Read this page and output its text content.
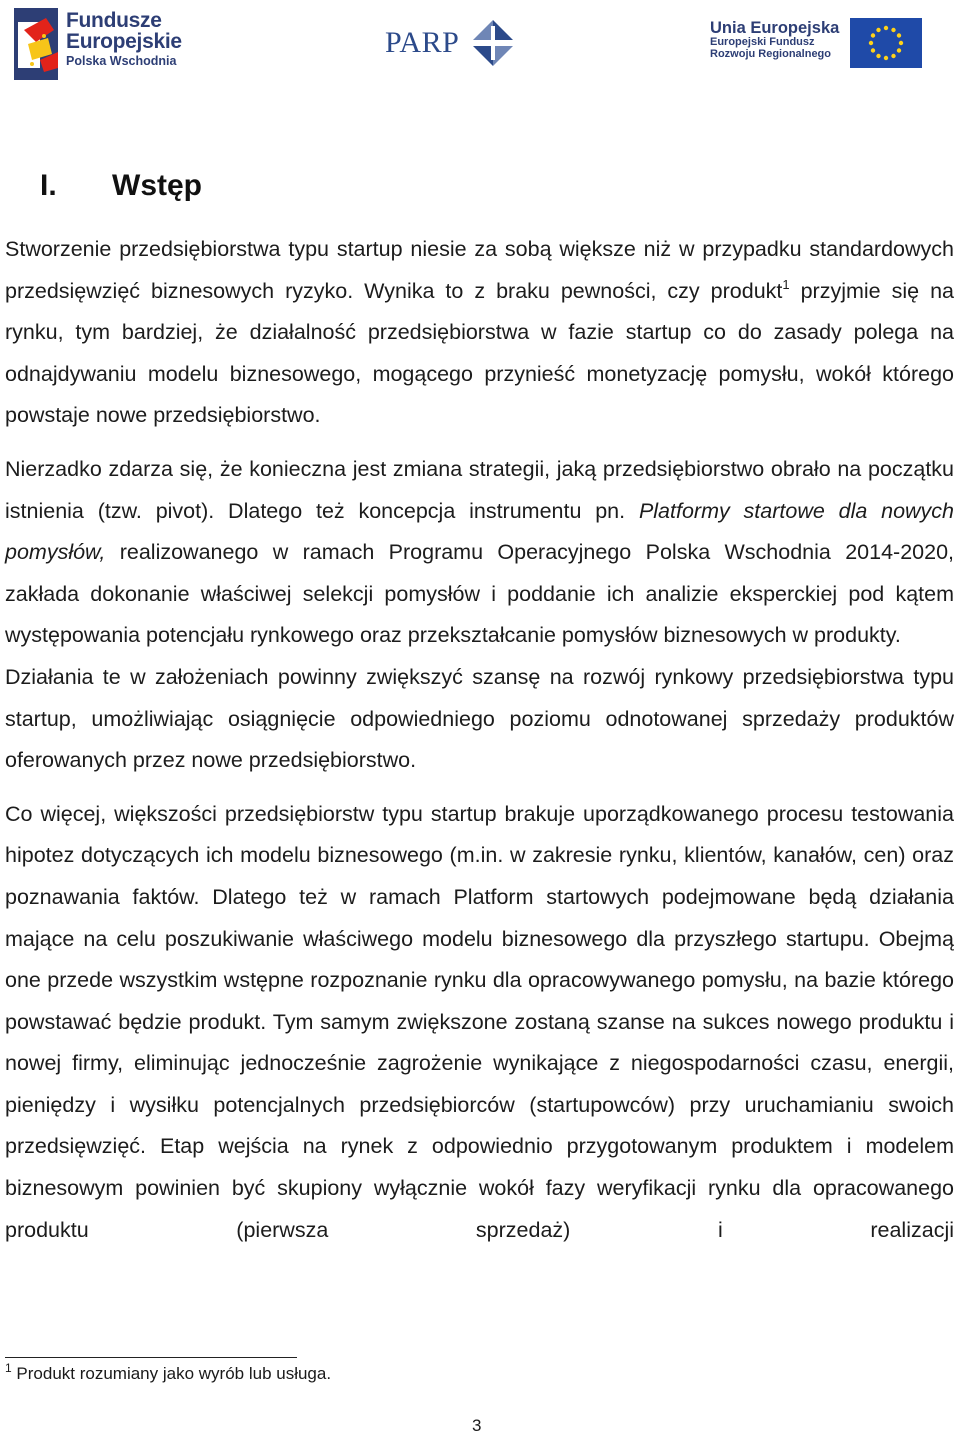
Fundusze
Europejskie
Polska Wschodnia
PARP	Unia Europejska
Europejski Fundusz
Rozwoju Regionalnego
I. Wstęp

Stworzenie przedsiębiorstwa typu startup niesie za sobą większe niż w przypadku standardowych przedsięwzięć biznesowych ryzyko. Wynika to z braku pewności, czy produkt$^1$ przyjmie się na rynku, tym bardziej, że działalność przedsiębiorstwa w fazie startup co do zasady polega na odnajdywaniu modelu biznesowego, mogącego przynieść monetyzację pomysłu, wokół którego powstaje nowe przedsiębiorstwo.

Nierzadko zdarza się, że konieczna jest zmiana strategii, jaką przedsiębiorstwo obrało na początku istnienia (tzw. pivot). Dlatego też koncepcja instrumentu pn. Platformy startowe dla nowych pomysłów, realizowanego w ramach Programu Operacyjnego Polska Wschodnia 2014-2020, zakłada dokonanie właściwej selekcji pomysłów i poddanie ich analizie eksperckiej pod kątem występowania potencjału rynkowego oraz przekształcanie pomysłów biznesowych w produkty.

Działania te w założeniach powinny zwiększyć szansę na rozwój rynkowy przedsiębiorstwa typu startup, umożliwiając osiągnięcie odpowiedniego poziomu odnotowanej sprzedaży produktów oferowanych przez nowe przedsiębiorstwo.

Co więcej, większości przedsiębiorstw typu startup brakuje uporządkowanego procesu testowania hipotez dotyczących ich modelu biznesowego (m.in. w zakresie rynku, klientów, kanałów, cen) oraz poznawania faktów. Dlatego też w ramach Platform startowych podejmowane będą działania mające na celu poszukiwanie właściwego modelu biznesowego dla przyszłego startupu. Obejmą one przede wszystkim wstępne rozpoznanie rynku dla opracowywanego pomysłu, na bazie którego powstawać będzie produkt. Tym samym zwiększone zostaną szanse na sukces nowego produktu i nowej firmy, eliminując jednocześnie zagrożenie wynikające z niegospodarności czasu, energii, pieniędzy i wysiłku potencjalnych przedsiębiorców (startupowców) przy uruchamianiu swoich przedsięwzięć. Etap wejścia na rynek z odpowiednio przygotowanym produktem i modelem biznesowym powinien być skupiony wyłącznie wokół fazy weryfikacji rynku dla opracowanego produktu (pierwsza sprzedaż) i realizacji

$^1$ Produkt rozumiany jako wyrób lub usługa.
3
